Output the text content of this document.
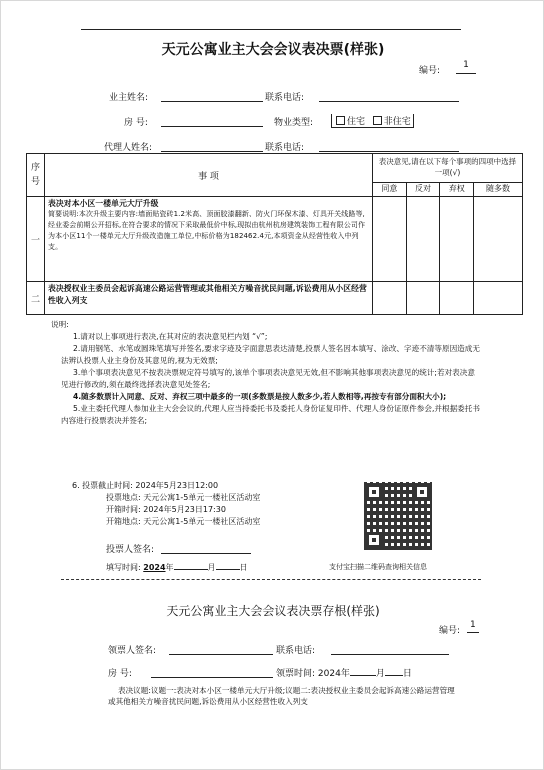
天元公寓业主大会会议表决票(样张)
编号:
1
业主姓名:	联系电话:
房 号:	物业类型:	住宅 非住宅
代理人姓名:	联系电话:
序号	事 项	表决意见,请在以下每个事项的四项中选择一项(√)			
		同意	反对	弃权	随多数
一	表决对本小区一楼单元大厅升级
简要说明:本次升级主要内容:墙面贴瓷砖1.2米高、顶面胶漆翻新、防火门环保木漆、灯具开关线路等,经业委会前期公开招标,在符合要求的情况下采取最低价中标,现拟由杭州杭房建筑装饰工程有限公司作为本小区11个一楼单元大厅升级改造施工单位,中标价格为182462.4元,本项资金从经营性收入中列支。				

二	表决授权业主委员会起诉高速公路运营管理或其他相关方噪音扰民问题,诉讼费用从小区经营性收入列支				

说明:

1.请对以上事项进行表决,在其对应的表决意见栏内划 “√”;

2.请用钢笔、水笔或圆珠笔填写并签名,要求字迹及字面意思表达清楚,投票人签名因本填写、涂改、字迹不清等原因造成无法辨认投票人业主身份及其意见的,视为无效票;

3.单个事项表决意见不按表决票规定符号填写的,该单个事项表决意见无效,但不影响其他事项表决意见的统计;若对表决意见进行修改的,须在最终选择表决意见处签名;

4.随多数票计入同意、反对、弃权三项中最多的一项(多数票是按人数多少,若人数相等,再按专有部分面积大小);

5.业主委托代理人参加业主大会会议的,代理人应当持委托书及委托人身份证复印件、代理人身份证原件参会,并根据委托书内容进行投票表决并签名;

6. 投票截止时间: 2024年5月23日12:00
投票地点: 天元公寓1-5单元一楼社区活动室
开箱时间: 2024年5月23日17:30
开箱地点: 天元公寓1-5单元一楼社区活动室
投票人签名:
填写时间: 2024年	月	日	支付宝扫描二维码查询相关信息
天元公寓业主大会会议表决票存根(样张)
编号:
1
领票人签名:	联系电话:
房 号:	领票时间: 2024年	月 日
表决议题:议题一:表决对本小区一楼单元大厅升级;议题二:表决授权业主委员会起诉高速公路运营管理或其他相关方噪音扰民问题,诉讼费用从小区经营性收入列支
